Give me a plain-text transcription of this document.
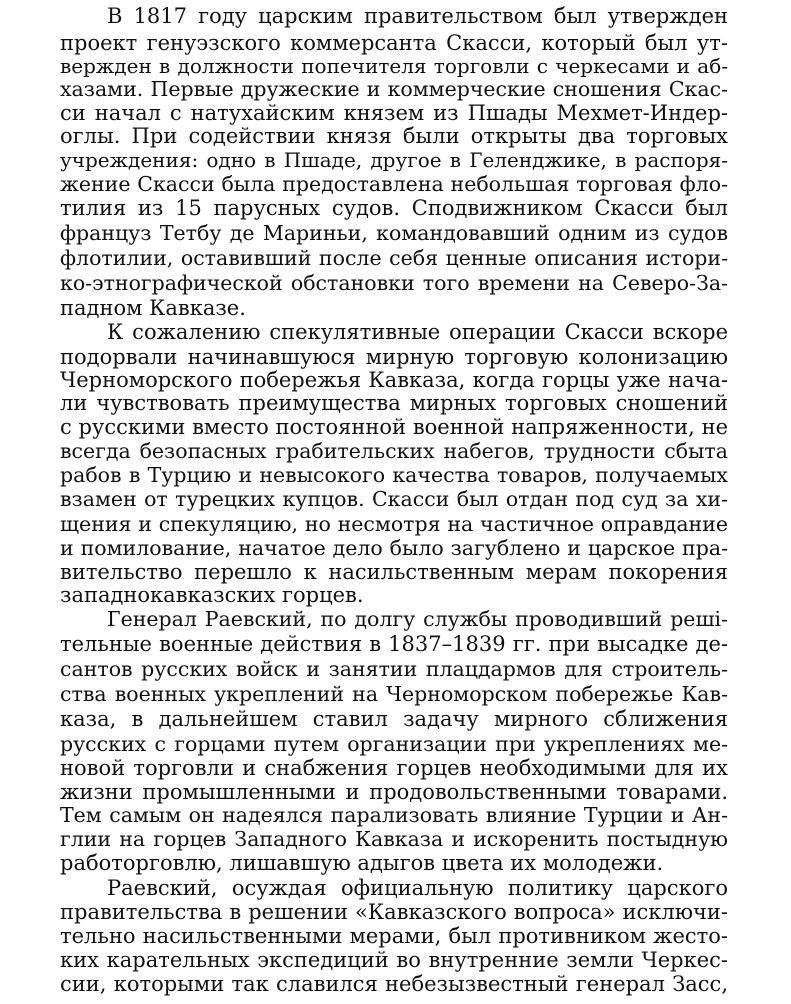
В 1817 году царским правительством был утвержден
проект генуэзского коммерсанта Скасси, который был ут-
вержден в должности попечителя торговли с черкесами и аб-
хазами. Первые дружеские и коммерческие сношения Скас-
си начал с натухайским князем из Пшады Мехмет-Индер-
оглы. При содействии князя были открыты два торговых
учреждения: одно в Пшаде, другое в Геленджике, в распоря-
жение Скасси была предоставлена небольшая торговая фло-
тилия из 15 парусных судов. Сподвижником Скасси был
француз Тетбу де Мариньи, командовавший одним из судов
флотилии, оставивший после себя ценные описания истори-
ко-этнографической обстановки того времени на Северо-За-
падном Кавказе.
К сожалению спекулятивные операции Скасси вскоре
подорвали начинавшуюся мирную торговую колонизацию
Черноморского побережья Кавказа, когда горцы уже нача-
ли чувствовать преимущества мирных торговых сношений
с русскими вместо постоянной военной напряженности, не
всегда безопасных грабительских набегов, трудности сбыта
рабов в Турцию и невысокого качества товаров, получаемых
взамен от турецких купцов. Скасси был отдан под суд за хи-
щения и спекуляцию, но несмотря на частичное оправдание
и помилование, начатое дело было загублено и царское пра-
вительство перешло к насильственным мерам покорения
западнокавказских горцев.
Генерал Раевский, по долгу службы проводивший решi-
тельные военные действия в 1837–1839 гг. при высадке де-
сантов русских войск и занятии плацдармов для строитель-
ства военных укреплений на Черноморском побережье Кав-
каза, в дальнейшем ставил задачу мирного сближения
русских с горцами путем организации при укреплениях ме-
новой торговли и снабжения горцев необходимыми для их
жизни промышленными и продовольственными товарами.
Тем самым он надеялся парализовать влияние Турции и Ан-
глии на горцев Западного Кавказа и искоренить постыдную
работорговлю, лишавшую адыгов цвета их молодежи.
Раевский, осуждая официальную политику царского
правительства в решении «Кавказского вопроса» исключи-
тельно насильственными мерами, был противником жесто-
ких карательных экспедиций во внутренние земли Черкес-
сии, которыми так славился небезызвестный генерал Засс,
